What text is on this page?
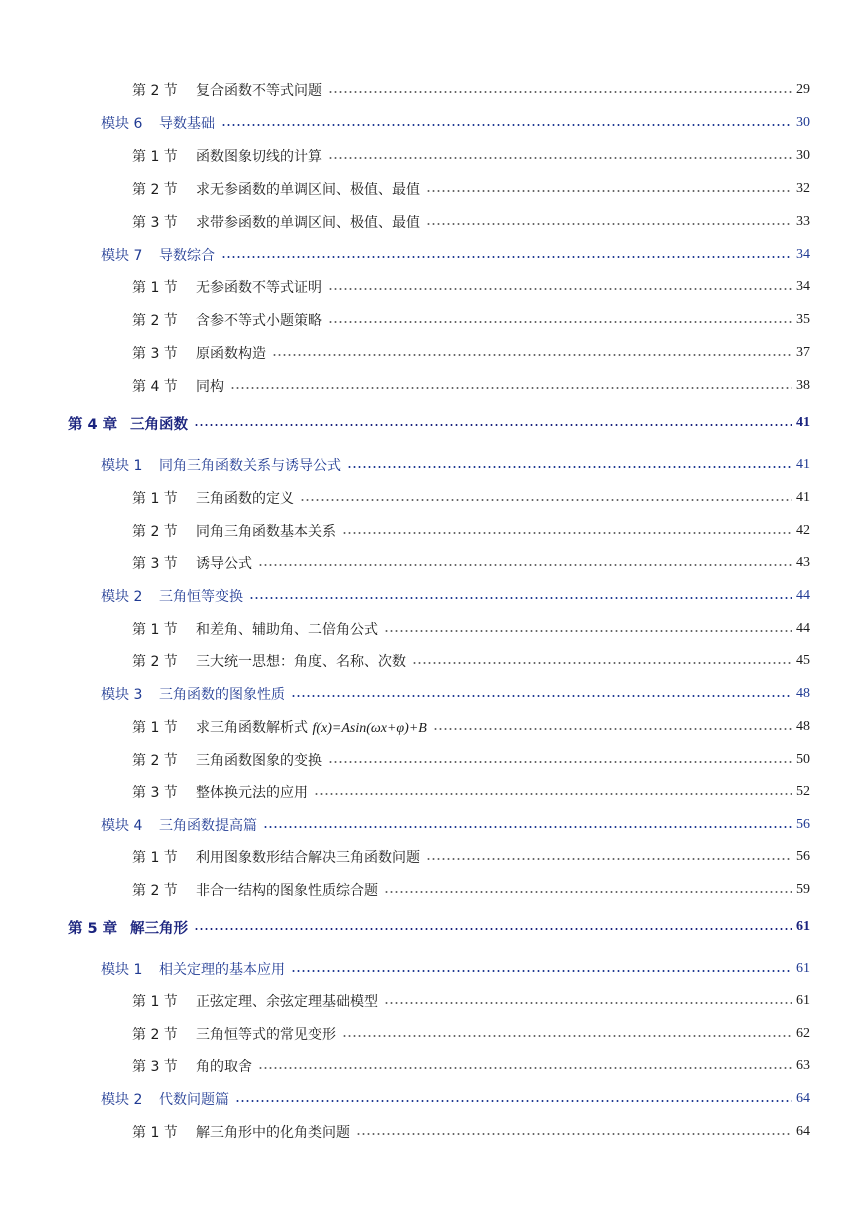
第 2 节	复合函数不等式问题	29
模块 6	导数基础	30
第 1 节	函数图象切线的计算	30
第 2 节	求无参函数的单调区间、极值、最值	32
第 3 节	求带参函数的单调区间、极值、最值	33
模块 7	导数综合	34
第 1 节	无参函数不等式证明	34
第 2 节	含参不等式小题策略	35
第 3 节	原函数构造	37
第 4 节	同构	38
第 4 章 三角函数	41
模块 1	同角三角函数关系与诱导公式	41
第 1 节	三角函数的定义	41
第 2 节	同角三角函数基本关系	42
第 3 节	诱导公式	43
模块 2	三角恒等变换	44
第 1 节	和差角、辅助角、二倍角公式	44
第 2 节	三大统一思想：角度、名称、次数	45
模块 3	三角函数的图象性质	48
第 1 节	求三角函数解析式 f(x)=Asin(ωx+φ)+B	48
第 2 节	三角函数图象的变换	50
第 3 节	整体换元法的应用	52
模块 4	三角函数提高篇	56
第 1 节	利用图象数形结合解决三角函数问题	56
第 2 节	非合一结构的图象性质综合题	59
第 5 章 解三角形	61
模块 1	相关定理的基本应用	61
第 1 节	正弦定理、余弦定理基础模型	61
第 2 节	三角恒等式的常见变形	62
第 3 节	角的取舍	63
模块 2	代数问题篇	64
第 1 节	解三角形中的化角类问题	64
